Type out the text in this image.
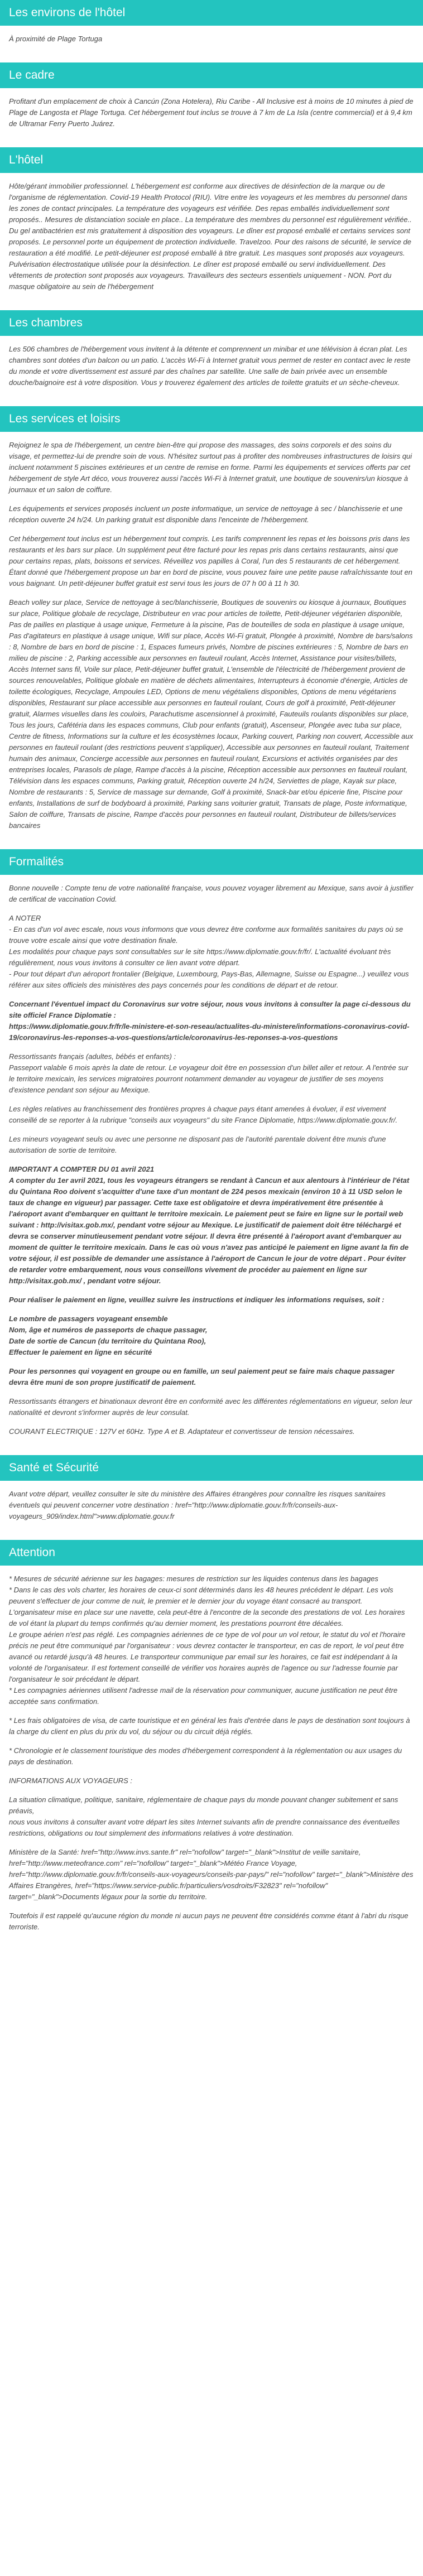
Les environs de l'hôtel

À proximité de Plage Tortuga

Le cadre

Profitant d'un emplacement de choix à Cancún (Zona Hotelera), Riu Caribe - All Inclusive est à moins de 10 minutes à pied de Plage de Langosta et Plage Tortuga. Cet hébergement tout inclus se trouve à 7 km de La Isla (centre commercial) et à 9,4 km de Ultramar Ferry Puerto Juárez.

L'hôtel

Hôte/gérant immobilier professionnel. L'hébergement est conforme aux directives de désinfection de la marque ou de l'organisme de réglementation. Covid-19 Health Protocol (RIU). Vitre entre les voyageurs et les membres du personnel dans les zones de contact principales. La température des voyageurs est vérifiée. Des repas emballés individuellement sont proposés.. Mesures de distanciation sociale en place.. La température des membres du personnel est régulièrement vérifiée.. Du gel antibactérien est mis gratuitement à disposition des voyageurs. Le dîner est proposé emballé et certains services sont proposés. Le personnel porte un équipement de protection individuelle. Travelzoo. Pour des raisons de sécurité, le service de restauration a été modifié. Le petit-déjeuner est proposé emballé à titre gratuit. Les masques sont proposés aux voyageurs. Pulvérisation électrostatique utilisée pour la désinfection. Le dîner est proposé emballé ou servi individuellement. Des vêtements de protection sont proposés aux voyageurs. Travailleurs des secteurs essentiels uniquement - NON. Port du masque obligatoire au sein de l'hébergement

Les chambres

Les 506 chambres de l'hébergement vous invitent à la détente et comprennent un minibar et une télévision à écran plat. Les chambres sont dotées d'un balcon ou un patio. L'accès Wi-Fi à Internet gratuit vous permet de rester en contact avec le reste du monde et votre divertissement est assuré par des chaînes par satellite. Une salle de bain privée avec un ensemble douche/baignoire est à votre disposition. Vous y trouverez également des articles de toilette gratuits et un sèche-cheveux.

Les services et loisirs

Rejoignez le spa de l'hébergement, un centre bien-être qui propose des massages, des soins corporels et des soins du visage, et permettez-lui de prendre soin de vous. N'hésitez surtout pas à profiter des nombreuses infrastructures de loisirs qui incluent notamment 5 piscines extérieures et un centre de remise en forme. Parmi les équipements et services offerts par cet hébergement de style Art déco, vous trouverez aussi l'accès Wi-Fi à Internet gratuit, une boutique de souvenirs/un kiosque à journaux et un salon de coiffure.

Les équipements et services proposés incluent un poste informatique, un service de nettoyage à sec / blanchisserie et une réception ouverte 24 h/24. Un parking gratuit est disponible dans l'enceinte de l'hébergement.

Cet hébergement tout inclus est un hébergement tout compris. Les tarifs comprennent les repas et les boissons pris dans les restaurants et les bars sur place. Un supplément peut être facturé pour les repas pris dans certains restaurants, ainsi que pour certains repas, plats, boissons et services. Réveillez vos papilles à Coral, l'un des 5 restaurants de cet hébergement. Étant donné que l'hébergement propose un bar en bord de piscine, vous pouvez faire une petite pause rafraîchissante tout en vous baignant. Un petit-déjeuner buffet gratuit est servi tous les jours de 07 h 00 à 11 h 30.

Beach volley sur place, Service de nettoyage à sec/blanchisserie, Boutiques de souvenirs ou kiosque à journaux, Boutiques sur place, Politique globale de recyclage, Distributeur en vrac pour articles de toilette, Petit-déjeuner végétarien disponible, Pas de pailles en plastique à usage unique, Fermeture à la piscine, Pas de bouteilles de soda en plastique à usage unique, Pas d'agitateurs en plastique à usage unique, Wifi sur place, Accès Wi-Fi gratuit, Plongée à proximité, Nombre de bars/salons : 8, Nombre de bars en bord de piscine : 1, Espaces fumeurs privés, Nombre de piscines extérieures : 5, Nombre de bars en milieu de piscine : 2, Parking accessible aux personnes en fauteuil roulant, Accès Internet, Assistance pour visites/billets, Accès Internet sans fil, Voile sur place, Petit-déjeuner buffet gratuit, L'ensemble de l'électricité de l'hébergement provient de sources renouvelables, Politique globale en matière de déchets alimentaires, Interrupteurs à économie d'énergie, Articles de toilette écologiques, Recyclage, Ampoules LED, Options de menu végétaliens disponibles, Options de menu végétariens disponibles, Restaurant sur place accessible aux personnes en fauteuil roulant, Cours de golf à proximité, Petit-déjeuner gratuit, Alarmes visuelles dans les couloirs, Parachutisme ascensionnel à proximité, Fauteuils roulants disponibles sur place, Tous les jours, Cafétéria dans les espaces communs, Club pour enfants (gratuit), Ascenseur, Plongée avec tuba sur place, Centre de fitness, Informations sur la culture et les écosystèmes locaux, Parking couvert, Parking non couvert, Accessible aux personnes en fauteuil roulant (des restrictions peuvent s'appliquer), Accessible aux personnes en fauteuil roulant, Traitement humain des animaux, Concierge accessible aux personnes en fauteuil roulant, Excursions et activités organisées par des entreprises locales, Parasols de plage, Rampe d'accès à la piscine, Réception accessible aux personnes en fauteuil roulant, Télévision dans les espaces communs, Parking gratuit, Réception ouverte 24 h/24, Serviettes de plage, Kayak sur place, Nombre de restaurants : 5, Service de massage sur demande, Golf à proximité, Snack-bar et/ou épicerie fine, Piscine pour enfants, Installations de surf de bodyboard à proximité, Parking sans voiturier gratuit, Transats de plage, Poste informatique, Salon de coiffure, Transats de piscine, Rampe d'accès pour personnes en fauteuil roulant, Distributeur de billets/services bancaires

Formalités

Bonne nouvelle : Compte tenu de votre nationalité française, vous pouvez voyager librement au Mexique, sans avoir à justifier de certificat de vaccination Covid.

A NOTER
- En cas d'un vol avec escale, nous vous informons que vous devrez être conforme aux formalités sanitaires du pays où se trouve votre escale ainsi que votre destination finale.
Les modalités pour chaque pays sont consultables sur le site https://www.diplomatie.gouv.fr/fr/. L'actualité évoluant très régulièrement, nous vous invitons à consulter ce lien avant votre départ.
- Pour tout départ d'un aéroport frontalier (Belgique, Luxembourg, Pays-Bas, Allemagne, Suisse ou Espagne...) veuillez vous référer aux sites officiels des ministères des pays concernés pour les conditions de départ et de retour.

Concernant l'éventuel impact du Coronavirus sur votre séjour, nous vous invitons à consulter la page ci-dessous du site officiel France Diplomatie :
https://www.diplomatie.gouv.fr/fr/le-ministere-et-son-reseau/actualites-du-ministere/informations-coronavirus-covid-19/coronavirus-les-reponses-a-vos-questions/article/coronavirus-les-reponses-a-vos-questions

Ressortissants français (adultes, bébés et enfants) :
Passeport valable 6 mois après la date de retour. Le voyageur doit être en possession d'un billet aller et retour. A l'entrée sur le territoire mexicain, les services migratoires pourront notamment demander au voyageur de justifier de ses moyens d'existence pendant son séjour au Mexique.

Les règles relatives au franchissement des frontières propres à chaque pays étant amenées à évoluer, il est vivement conseillé de se reporter à la rubrique "conseils aux voyageurs" du site France Diplomatie, https://www.diplomatie.gouv.fr/.

Les mineurs voyageant seuls ou avec une personne ne disposant pas de l'autorité parentale doivent être munis d'une autorisation de sortie de territoire.

IMPORTANT A COMPTER DU 01 avril 2021
A compter du 1er avril 2021, tous les voyageurs étrangers se rendant à Cancun et aux alentours à l'intérieur de l'état du Quintana Roo doivent s'acquitter d'une taxe d'un montant de 224 pesos mexicain (environ 10 à 11 USD selon le taux de change en vigueur) par passager. Cette taxe est obligatoire et devra impérativement être présentée à l'aéroport avant d'embarquer en quittant le territoire mexicain. Le paiement peut se faire en ligne sur le portail web suivant : http://visitax.gob.mx/, pendant votre séjour au Mexique. Le justificatif de paiement doit être téléchargé et devra se conserver minutieusement pendant votre séjour. Il devra être présenté à l'aéroport avant d'embarquer au moment de quitter le territoire mexicain. Dans le cas où vous n'avez pas anticipé le paiement en ligne avant la fin de votre séjour, il est possible de demander une assistance à l'aéroport de Cancun le jour de votre départ . Pour éviter de retarder votre embarquement, nous vous conseillons vivement de procéder au paiement en ligne sur http://visitax.gob.mx/ , pendant votre séjour.

Pour réaliser le paiement en ligne, veuillez suivre les instructions et indiquer les informations requises, soit :

Le nombre de passagers voyageant ensemble
Nom, âge et numéros de passeports de chaque passager,
Date de sortie de Cancun (du territoire du Quintana Roo),
Effectuer le paiement en ligne en sécurité

Pour les personnes qui voyagent en groupe ou en famille, un seul paiement peut se faire mais chaque passager devra être muni de son propre justificatif de paiement.

Ressortissants étrangers et binationaux devront être en conformité avec les différentes réglementations en vigueur, selon leur nationalité et devront s'informer auprès de leur consulat.

COURANT ELECTRIQUE : 127V et 60Hz. Type A et B. Adaptateur et convertisseur de tension nécessaires.

Santé et Sécurité

Avant votre départ, veuillez consulter le site du ministère des Affaires étrangères pour connaître les risques sanitaires éventuels qui peuvent concerner votre destination : href="http://www.diplomatie.gouv.fr/fr/conseils-aux-voyageurs_909/index.html">www.diplomatie.gouv.fr

Attention

* Mesures de sécurité aérienne sur les bagages: mesures de restriction sur les liquides contenus dans les bagages
* Dans le cas des vols charter, les horaires de ceux-ci sont déterminés dans les 48 heures précédent le départ. Les vols peuvent s'effectuer de jour comme de nuit, le premier et le dernier jour du voyage étant consacré au transport.
L'organisateur mise en place sur une navette, cela peut-être à l'encontre de la seconde des prestations de vol. Les horaires de vol étant la plupart du temps confirmés qu'au dernier moment, les prestations pourront être décalées.
Le groupe aérien n'est pas réglé. Les compagnies aériennes de ce type de vol pour un vol retour, le statut du vol et l'horaire précis ne peut être communiqué par l'organisateur : vous devrez contacter le transporteur, en cas de report, le vol peut être avancé ou retardé jusqu'à 48 heures. Le transporteur communique par email sur les horaires, ce fait est indépendant à la volonté de l'organisateur. Il est fortement conseillé de vérifier vos horaires auprès de l'agence ou sur l'adresse fournie par l'organisateur le soir précédant le départ.
* Les compagnies aériennes utilisent l'adresse mail de la réservation pour communiquer, aucune justification ne peut être acceptée sans confirmation.

* Les frais obligatoires de visa, de carte touristique et en général les frais d'entrée dans le pays de destination sont toujours à la charge du client en plus du prix du vol, du séjour ou du circuit déjà réglés.

* Chronologie et le classement touristique des modes d'hébergement correspondent à la réglementation ou aux usages du pays de destination.

INFORMATIONS AUX VOYAGEURS :

La situation climatique, politique, sanitaire, réglementaire de chaque pays du monde pouvant changer subitement et sans préavis,
nous vous invitons à consulter avant votre départ les sites Internet suivants afin de prendre connaissance des éventuelles restrictions, obligations ou tout simplement des informations relatives à votre destination.

Ministère de la Santé: href="http://www.invs.sante.fr" rel="nofollow" target="_blank">Institut de veille sanitaire, href="http://www.meteofrance.com" rel="nofollow" target="_blank">Météo France Voyage,
href="http://www.diplomatie.gouv.fr/fr/conseils-aux-voyageurs/conseils-par-pays/" rel="nofollow" target="_blank">Ministère des Affaires Etrangères, href="https://www.service-public.fr/particuliers/vosdroits/F32823" rel="nofollow" target="_blank">Documents légaux pour la sortie du territoire.

Toutefois il est rappelé qu'aucune région du monde ni aucun pays ne peuvent être considérés comme étant à l'abri du risque terroriste.
